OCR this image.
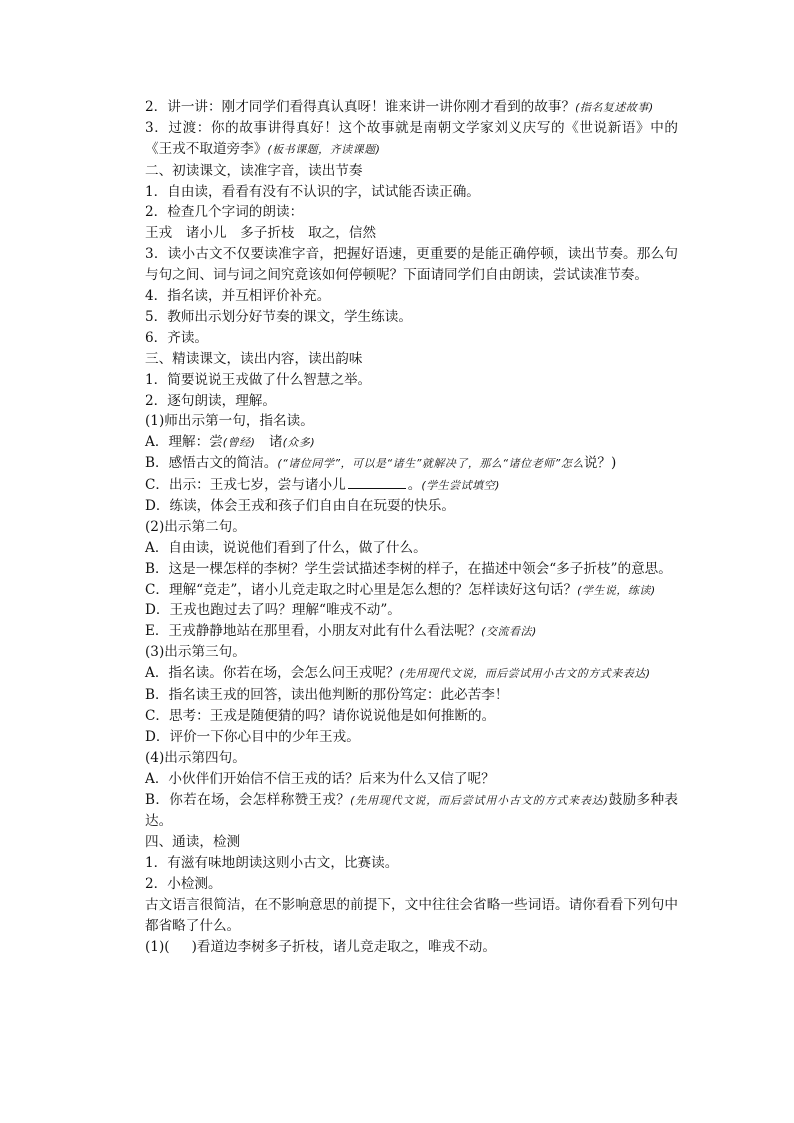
2．讲一讲：刚才同学们看得真认真呀！谁来讲一讲你刚才看到的故事？(指名复述故事)
3．过渡：你的故事讲得真好！这个故事就是南朝文学家刘义庆写的《世说新语》中的《王戎不取道旁李》(板书课题，齐读课题)
二、初读课文，读准字音，读出节奏
1．自由读，看看有没有不认识的字，试试能否读正确。
2．检查几个字词的朗读：
王戎　诸小儿　多子折枝　取之，信然
3．读小古文不仅要读准字音，把握好语速，更重要的是能正确停顿，读出节奏。那么句与句之间、词与词之间究竟该如何停顿呢？下面请同学们自由朗读，尝试读准节奏。
4．指名读，并互相评价补充。
5．教师出示划分好节奏的课文，学生练读。
6．齐读。
三、精读课文，读出内容，读出韵味
1．简要说说王戎做了什么智慧之举。
2．逐句朗读，理解。
(1)师出示第一句，指名读。
A．理解：尝(曾经)　诸(众多)
B．感悟古文的简洁。(“诸位同学”，可以是“诸生”就解决了，那么“诸位老师”怎么说？)
C．出示：王戎七岁，尝与诸小儿	。(学生尝试填空)
D．练读，体会王戎和孩子们自由自在玩耍的快乐。
(2)出示第二句。
A．自由读，说说他们看到了什么，做了什么。
B．这是一棵怎样的李树？学生尝试描述李树的样子，在描述中领会“多子折枝”的意思。
C．理解“竞走”，诸小儿竞走取之时心里是怎么想的？怎样读好这句话？(学生说，练读)
D．王戎也跑过去了吗？理解“唯戎不动”。
E．王戎静静地站在那里看，小朋友对此有什么看法呢？(交流看法)
(3)出示第三句。
A．指名读。你若在场，会怎么问王戎呢？(先用现代文说，而后尝试用小古文的方式来表达)
B．指名读王戎的回答，读出他判断的那份笃定：此必苦李！
C．思考：王戎是随便猜的吗？请你说说他是如何推断的。
D．评价一下你心目中的少年王戎。
(4)出示第四句。
A．小伙伴们开始信不信王戎的话？后来为什么又信了呢？
B．你若在场，会怎样称赞王戎？(先用现代文说，而后尝试用小古文的方式来表达)鼓励多种表达。
四、通读，检测
1．有滋有味地朗读这则小古文，比赛读。
2．小检测。
古文语言很简洁，在不影响意思的前提下，文中往往会省略一些词语。请你看看下列句中都省略了什么。
(1)( )看道边李树多子折枝，诸儿竞走取之，唯戎不动。
